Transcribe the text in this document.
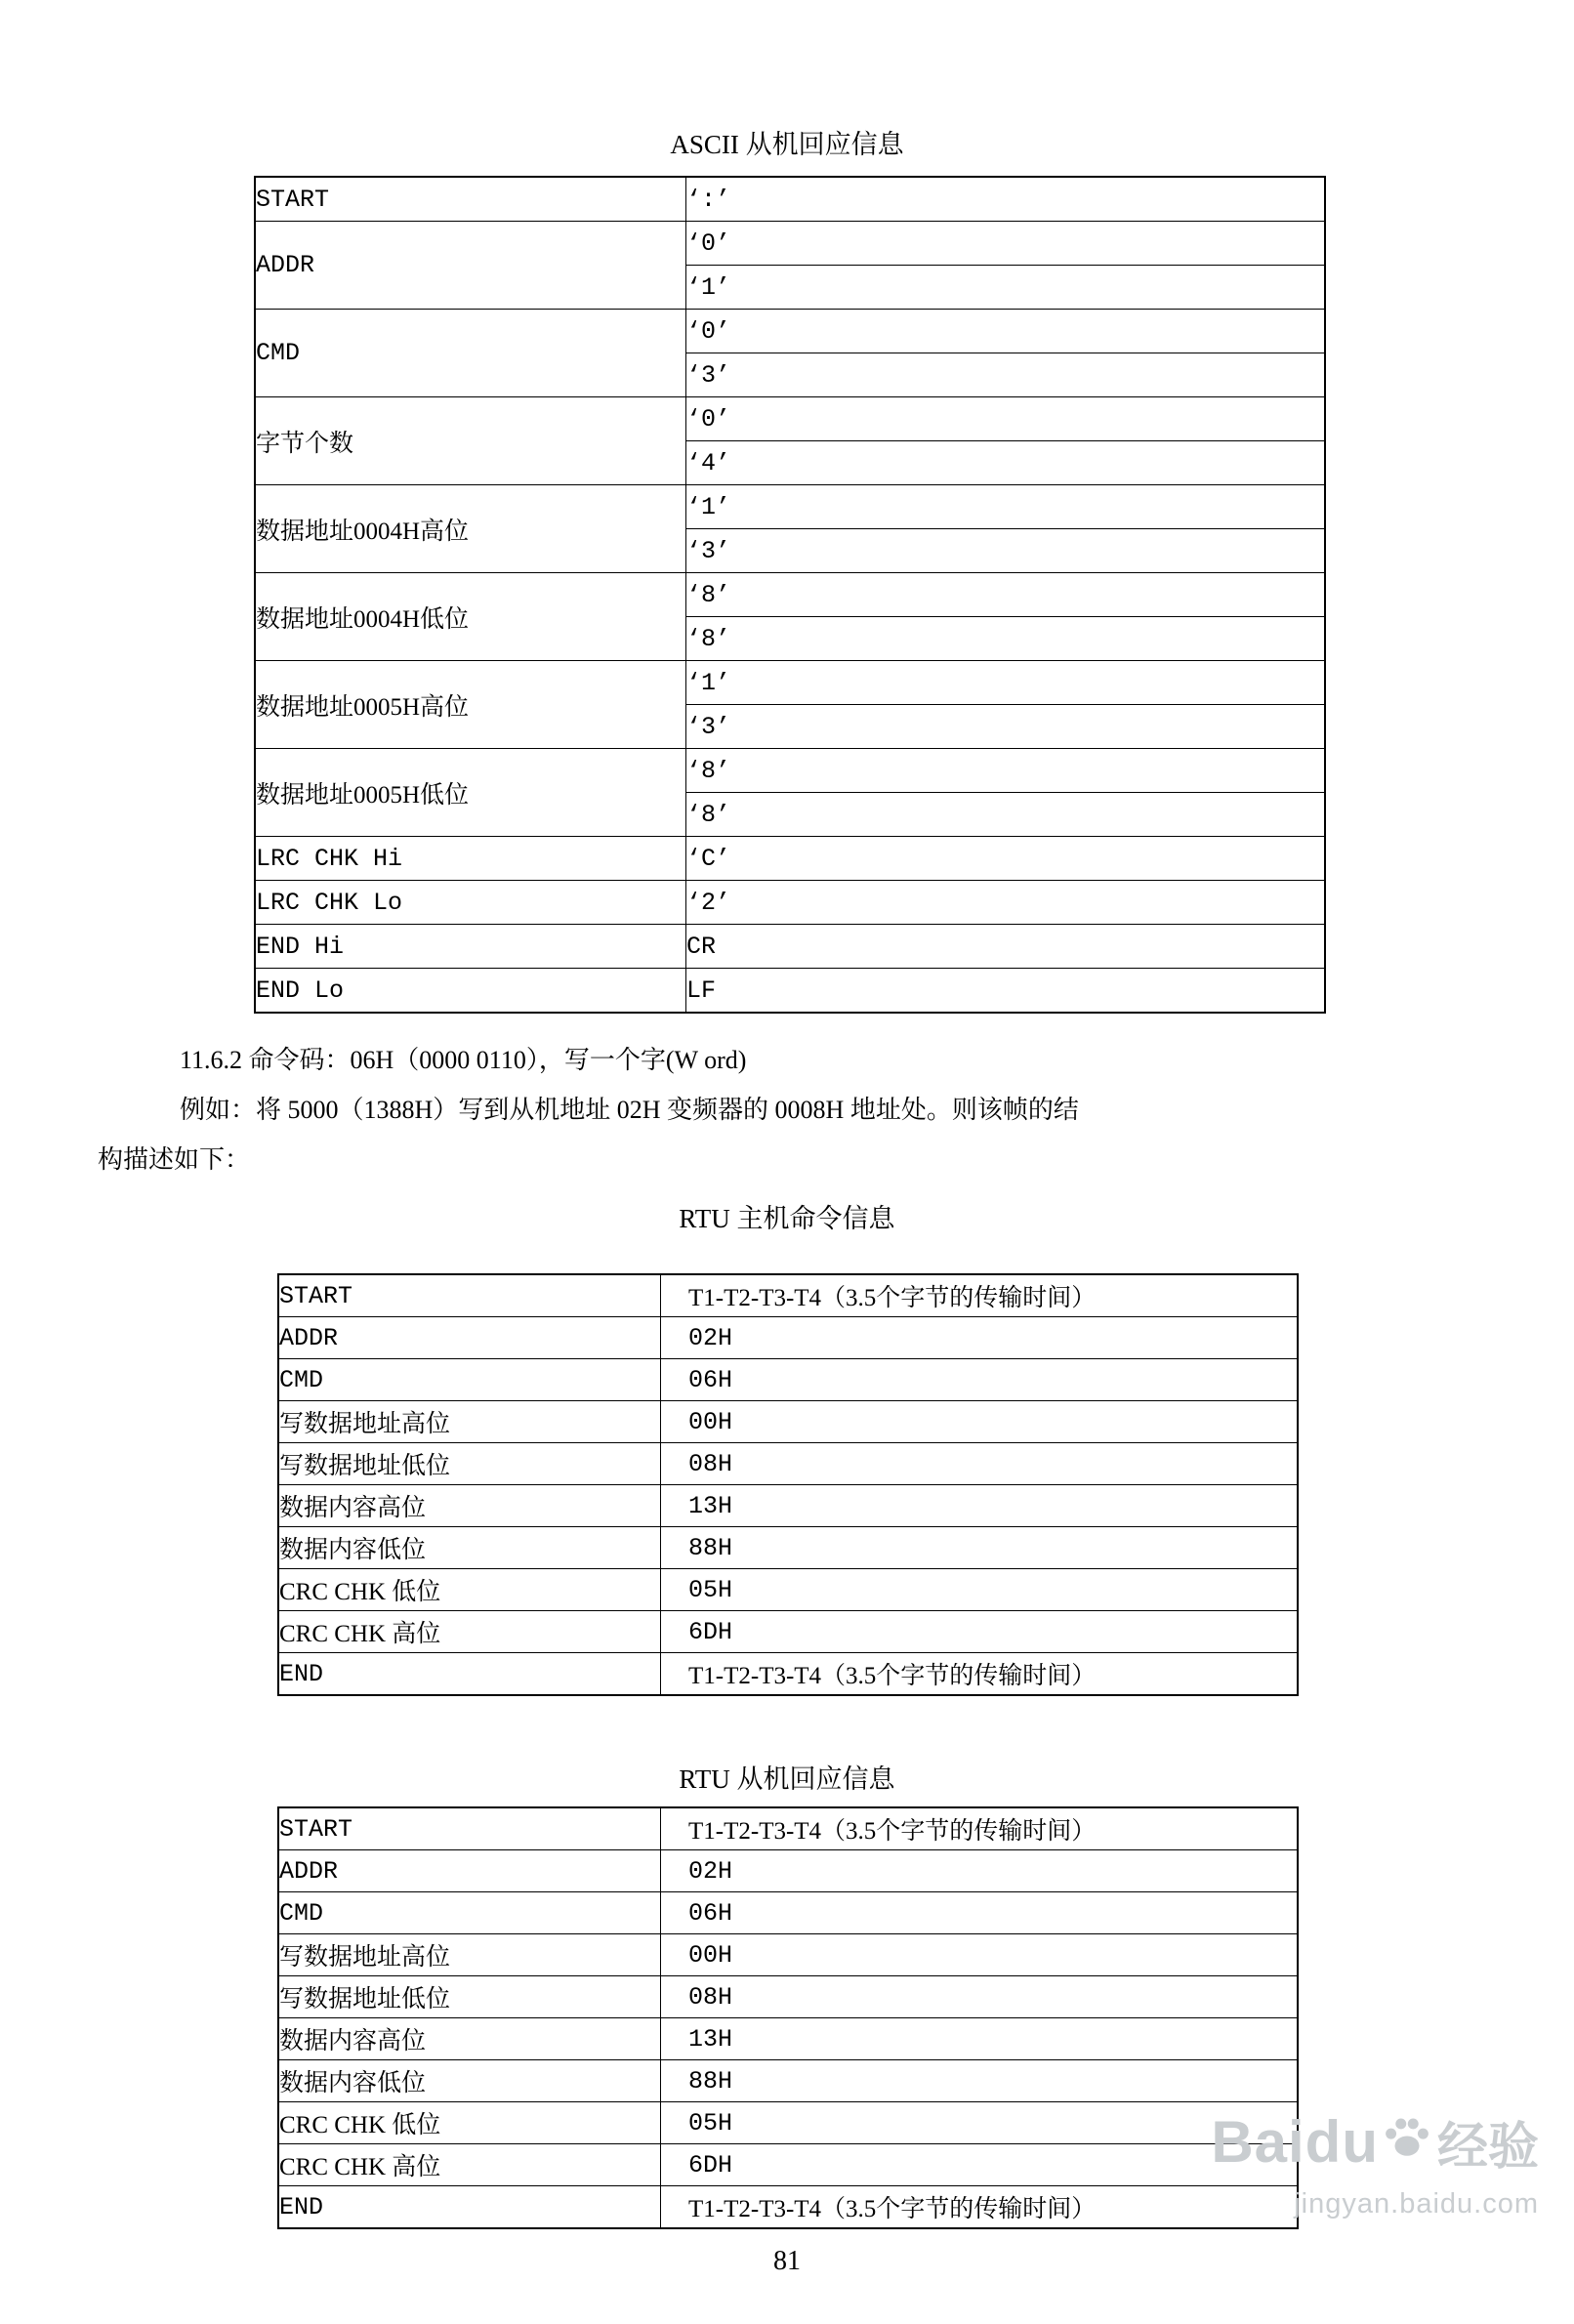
ASCII 从机回应信息
START	‘:’
ADDR	‘0’
	‘1’
CMD	‘0’
	‘3’
字节个数	‘0’
	‘4’
数据地址0004H高位	‘1’
	‘3’
数据地址0004H低位	‘8’
	‘8’
数据地址0005H高位	‘1’
	‘3’
数据地址0005H低位	‘8’
	‘8’
LRC CHK Hi	‘C’
LRC CHK Lo	‘2’
END Hi	CR
END Lo	LF

11.6.2 命令码：06H（0000 0110），写一个字(W ord)

例如：将 5000（1388H）写到从机地址 02H 变频器的 0008H 地址处。则该帧的结

构描述如下：

RTU 主机命令信息
START	T1-T2-T3-T4（3.5个字节的传输时间）
ADDR	02H
CMD	06H
写数据地址高位	00H
写数据地址低位	08H
数据内容高位	13H
数据内容低位	88H
CRC CHK 低位	05H
CRC CHK 高位	6DH
END	T1-T2-T3-T4（3.5个字节的传输时间）
RTU 从机回应信息
START	T1-T2-T3-T4（3.5个字节的传输时间）
ADDR	02H
CMD	06H
写数据地址高位	00H
写数据地址低位	08H
数据内容高位	13H
数据内容低位	88H
CRC CHK 低位	05H
CRC CHK 高位	6DH
END	T1-T2-T3-T4（3.5个字节的传输时间）
81
Baidu 经验
jingyan.baidu.com
